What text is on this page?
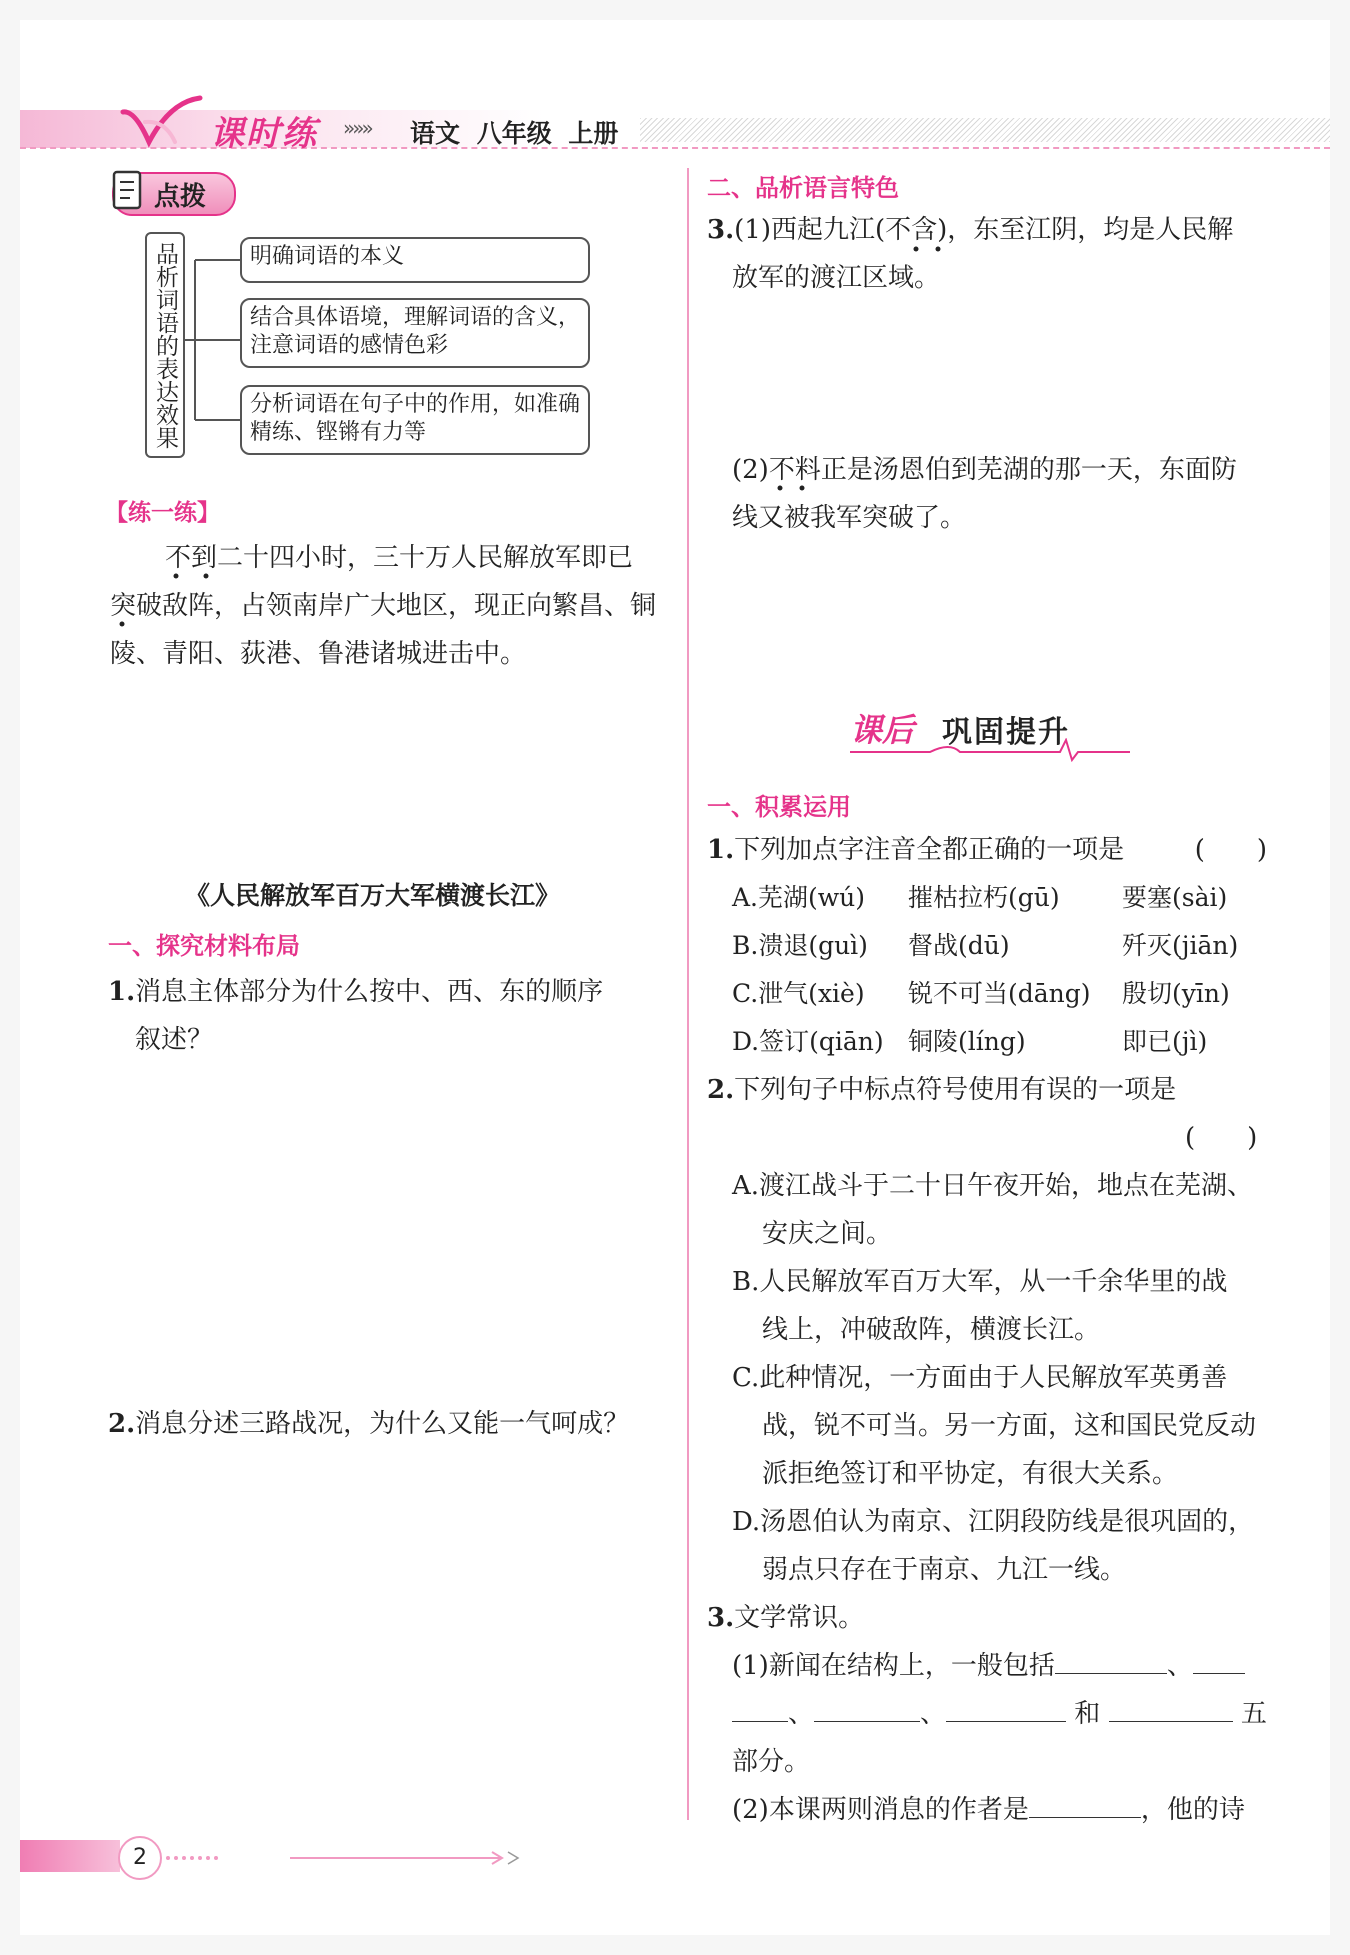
课时练 »»» 语文 八年级 上册
点拨
品析词语的表达效果	明确词语的本义
结合具体语境，理解词语的含义，注意词语的感情色彩
分析词语在句子中的作用，如准确精练、铿锵有力等
【练一练】
不到二十四小时，三十万人民解放军即已
突破敌阵，占领南岸广大地区，现正向繁昌、铜
陵、青阳、荻港、鲁港诸城进击中。
《人民解放军百万大军横渡长江》
一、探究材料布局
1.消息主体部分为什么按中、西、东的顺序
叙述？
2.消息分述三路战况，为什么又能一气呵成？
二、品析语言特色
3.(1)西起九江(不含)，东至江阴，均是人民解
放军的渡江区域。
(2)不料正是汤恩伯到芜湖的那一天，东面防
线又被我军突破了。
课后 巩固提升
一、积累运用
1.下列加点字注音全都正确的一项是	(　　)
A.芜湖(wú) 摧枯拉朽(gū) 要塞(sài)
B.溃退(guì) 督战(dū)	歼灭(jiān)
C.泄气(xiè) 锐不可当(dāng) 殷切(yīn)
D.签订(qiān) 铜陵(líng)	即已(jì)
2.下列句子中标点符号使用有误的一项是
(　　)
A.渡江战斗于二十日午夜开始，地点在芜湖、
安庆之间。
B.人民解放军百万大军，从一千余华里的战
线上，冲破敌阵，横渡长江。
C.此种情况，一方面由于人民解放军英勇善
战，锐不可当。另一方面，这和国民党反动
派拒绝签订和平协定，有很大关系。
D.汤恩伯认为南京、江阴段防线是很巩固的，
弱点只存在于南京、九江一线。
3.文学常识。
(1)新闻在结构上，一般包括	、
、	、	和	五
部分。
(2)本课两则消息的作者是	，他的诗
2
